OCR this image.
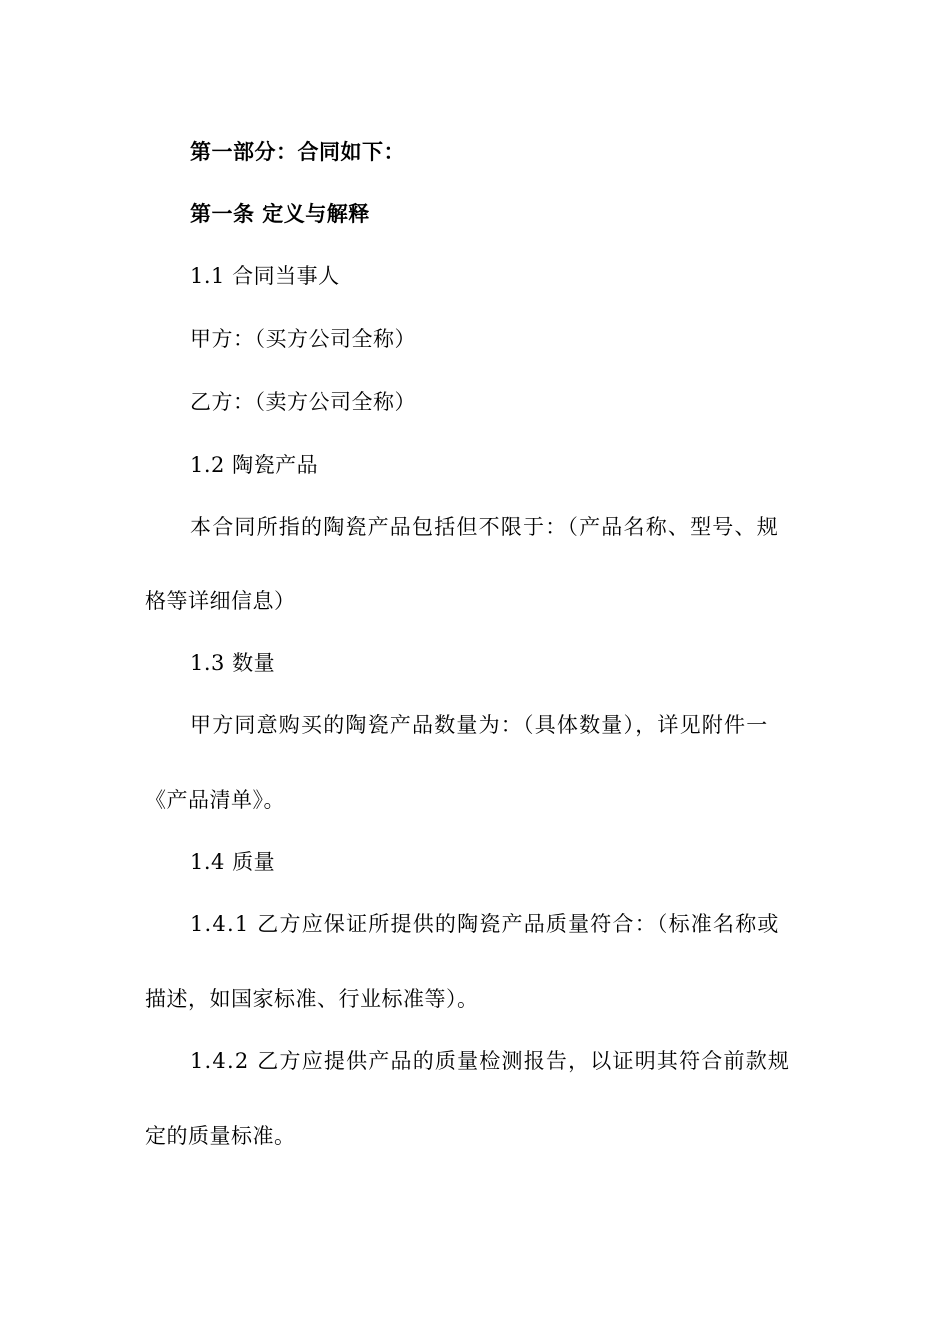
第一部分：合同如下：
第一条 定义与解释
1.1 合同当事人
甲方：（买方公司全称）
乙方：（卖方公司全称）
1.2 陶瓷产品
本合同所指的陶瓷产品包括但不限于：（产品名称、型号、规
格等详细信息）
1.3 数量
甲方同意购买的陶瓷产品数量为：（具体数量），详见附件一
《产品清单》。
1.4 质量
1.4.1 乙方应保证所提供的陶瓷产品质量符合：（标准名称或
描述，如国家标准、行业标准等）。
1.4.2 乙方应提供产品的质量检测报告，以证明其符合前款规
定的质量标准。
